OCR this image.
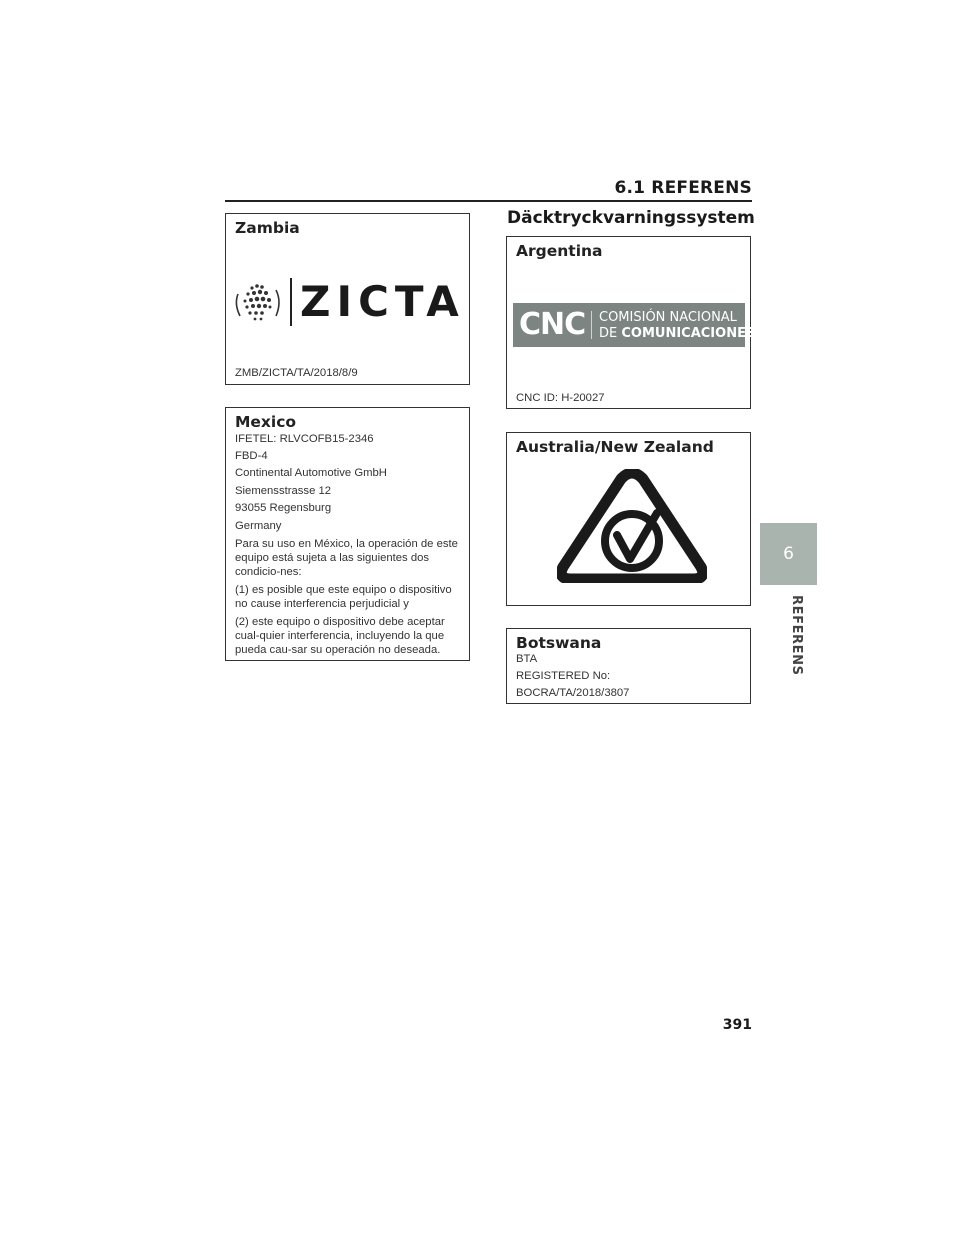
6.1 REFERENS
Zambia
ZICTA
ZMB/ZICTA/TA/2018/8/9
Mexico
IFETEL: RLVCOFB15-2346
FBD-4
Continental Automotive GmbH
Siemensstrasse 12
93055 Regensburg
Germany
Para su uso en México, la operación de este equipo está sujeta a las siguientes dos condicio-nes:
(1) es posible que este equipo o dispositivo no cause interferencia perjudicial y
(2) este equipo o dispositivo debe aceptar cual-quier interferencia, incluyendo la que pueda cau-sar su operación no deseada.
Däcktryckvarningssystem
Argentina
CNC COMISIÓN NACIONAL
DE COMUNICACIONES
CNC ID: H-20027
Australia/New Zealand
Botswana
BTA
REGISTERED No:
BOCRA/TA/2018/3807
6
REFERENS
391
